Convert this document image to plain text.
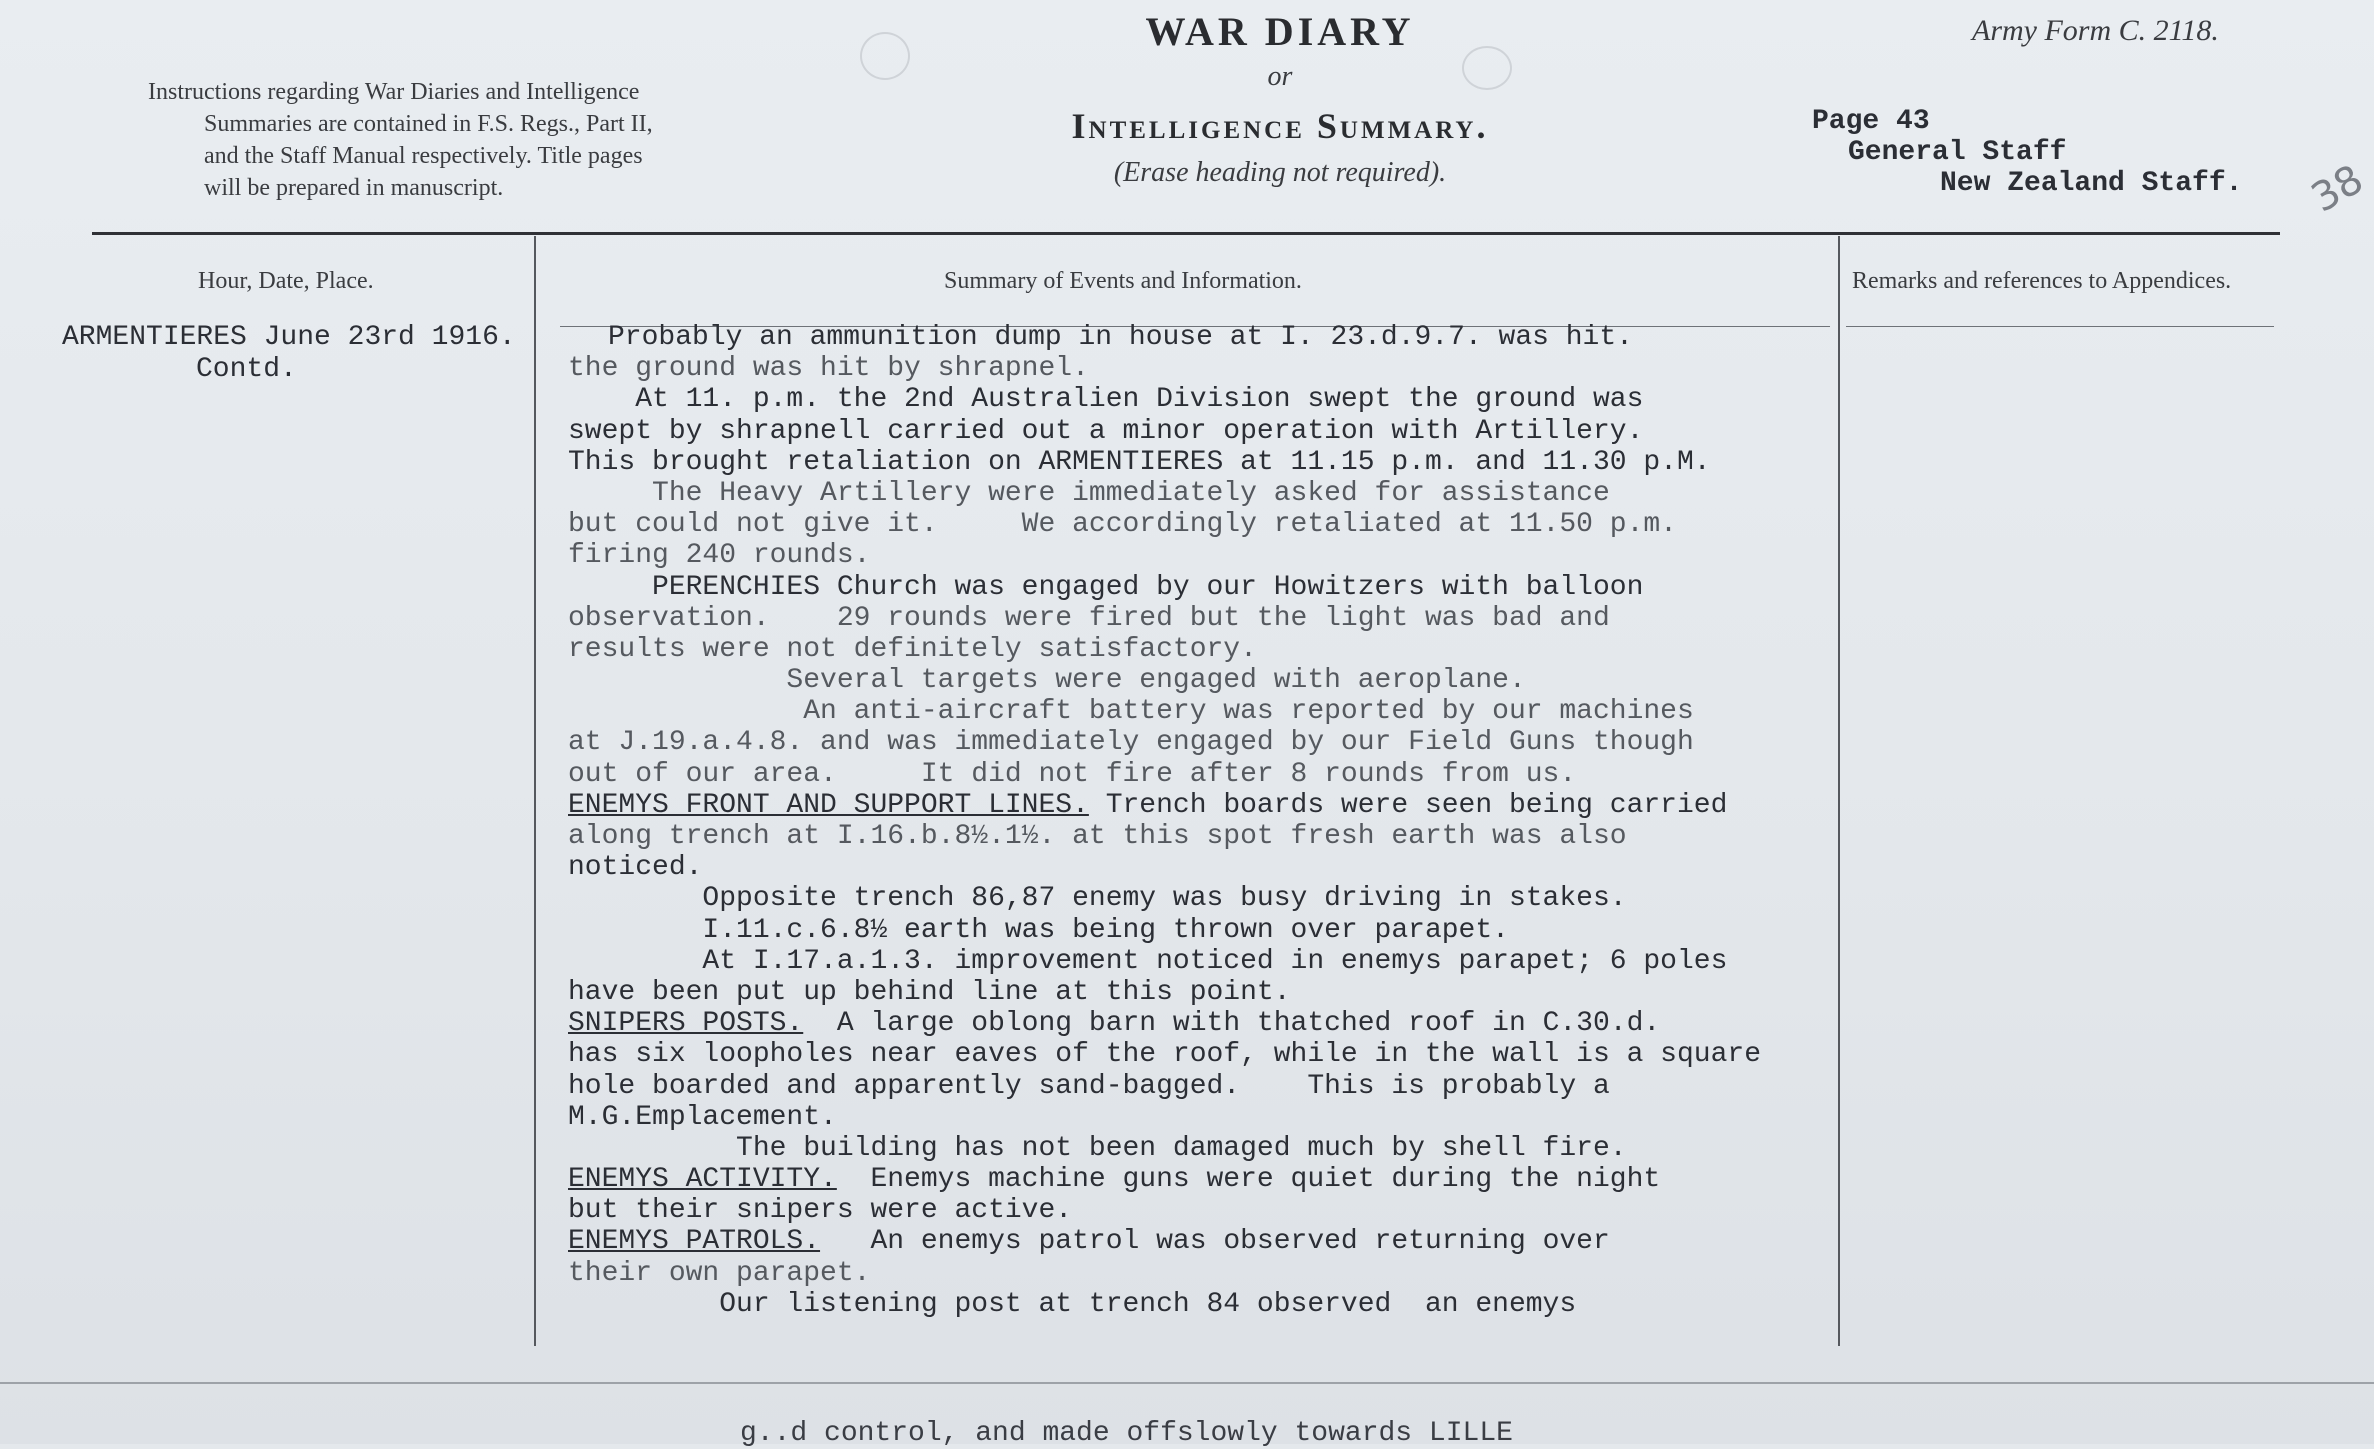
Instructions regarding War Diaries and Intelligence
Summaries are contained in F.S. Regs., Part II,
and the Staff Manual respectively. Title pages
will be prepared in manuscript.
WAR DIARY
or
Intelligence Summary.
(Erase heading not required).
Army Form C. 2118.
Page 43
General Staff
New Zealand Staff. 38
Hour, Date, Place.	Summary of Events and Information.	Remarks and references to Appendices.
ARMENTIERES June 23rd 1916.
Contd.
Probably an ammunition dump in house at I. 23.d.9.7. was hit.
the ground was hit by shrapnel.
At 11. p.m. the 2nd Australien Division swept the ground was
swept by shrapnell carried out a minor operation with Artillery.
This brought retaliation on ARMENTIERES at 11.15 p.m. and 11.30 p.M.
The Heavy Artillery were immediately asked for assistance
but could not give it.     We accordingly retaliated at 11.50 p.m.
firing 240 rounds.
PERENCHIES Church was engaged by our Howitzers with balloon
observation.    29 rounds were fired but the light was bad and
results were not definitely satisfactory.
Several targets were engaged with aeroplane.
An anti-aircraft battery was reported by our machines
at J.19.a.4.8. and was immediately engaged by our Field Guns though
out of our area.     It did not fire after 8 rounds from us.
ENEMYS FRONT AND SUPPORT LINES. Trench boards were seen being carried
along trench at I.16.b.8½.1½. at this spot fresh earth was also
noticed.
Opposite trench 86,87 enemy was busy driving in stakes.
I.11.c.6.8½ earth was being thrown over parapet.
At I.17.a.1.3. improvement noticed in enemys parapet; 6 poles
have been put up behind line at this point.
SNIPERS POSTS.  A large oblong barn with thatched roof in C.30.d.
has six loopholes near eaves of the roof, while in the wall is a square
hole boarded and apparently sand-bagged.    This is probably a
M.G.Emplacement.
The building has not been damaged much by shell fire.
ENEMYS ACTIVITY.  Enemys machine guns were quiet during the night
but their snipers were active.
ENEMYS PATROLS.   An enemys patrol was observed returning over
their own parapet.
Our listening post at trench 84 observed  an enemys
g..d control, and made offslowly towards LILLE
